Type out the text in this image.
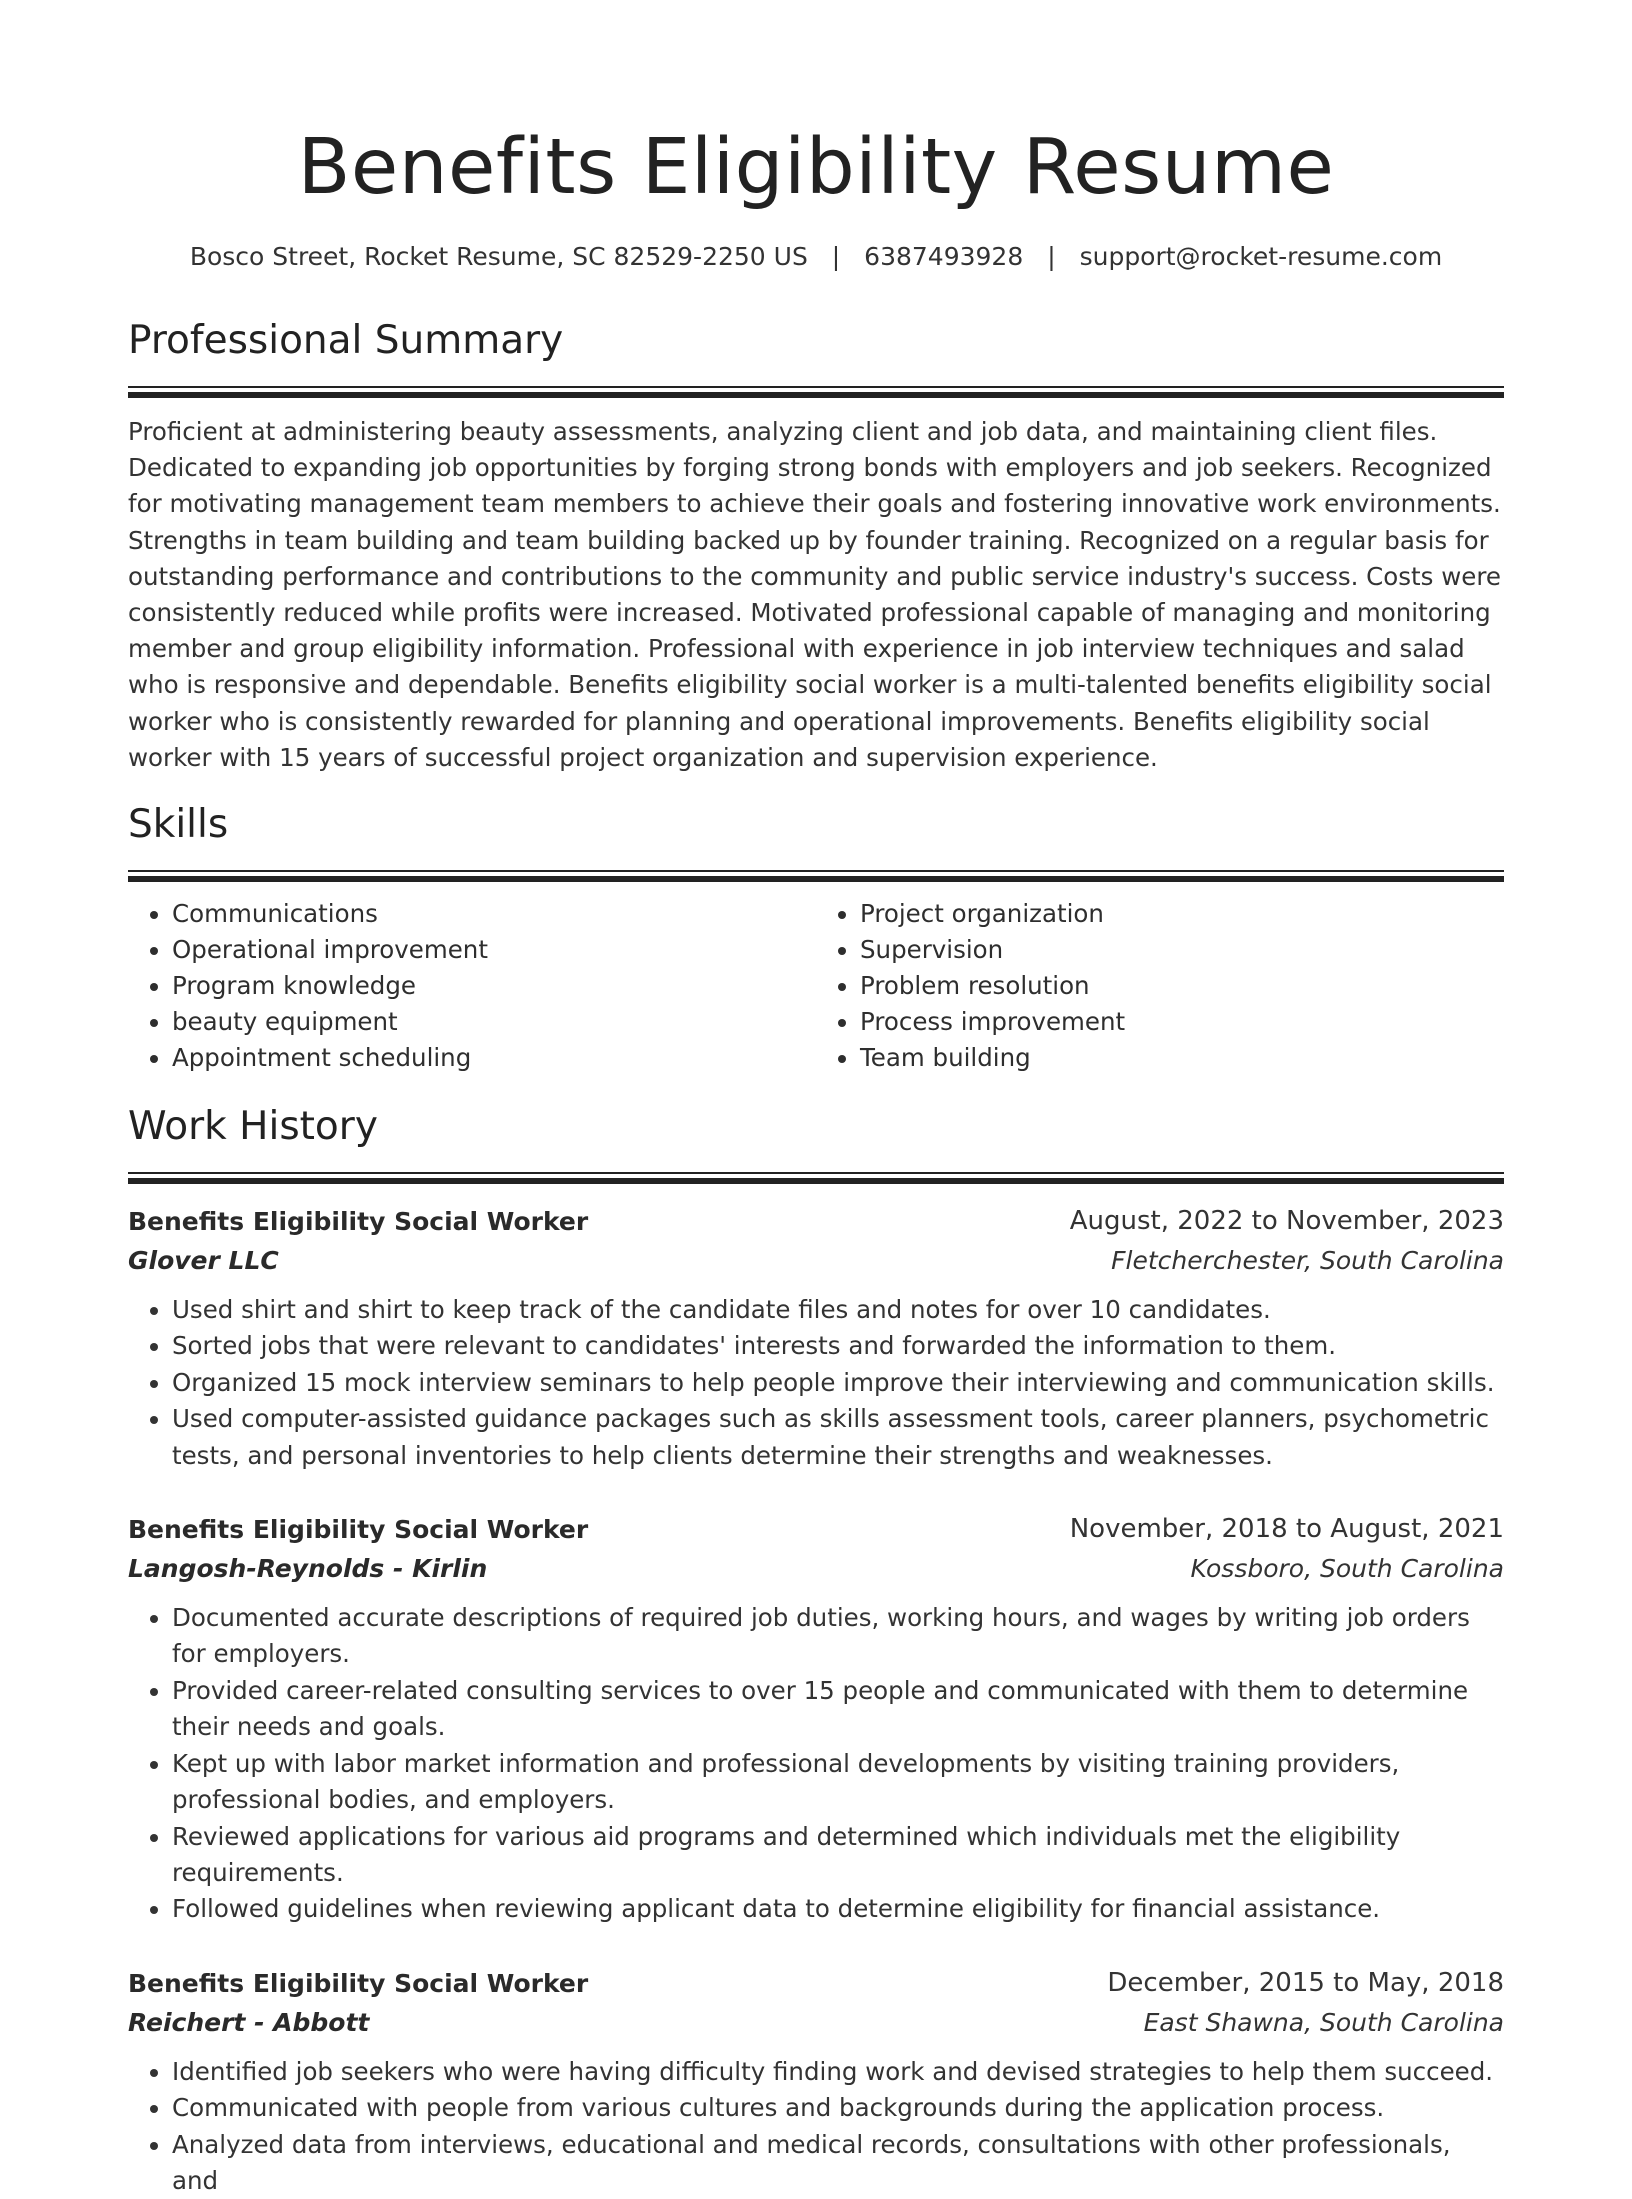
Benefits Eligibility Resume
Bosco Street, Rocket Resume, SC 82529-2250 US | 6387493928 | support@rocket-resume.com
Professional Summary

Proficient at administering beauty assessments, analyzing client and job data, and maintaining client files. Dedicated to expanding job opportunities by forging strong bonds with employers and job seekers. Recognized for motivating management team members to achieve their goals and fostering innovative work environments. Strengths in team building and team building backed up by founder training. Recognized on a regular basis for outstanding performance and contributions to the community and public service industry's success. Costs were consistently reduced while profits were increased. Motivated professional capable of managing and monitoring member and group eligibility information. Professional with experience in job interview techniques and salad who is responsive and dependable. Benefits eligibility social worker is a multi-talented benefits eligibility social worker who is consistently rewarded for planning and operational improvements. Benefits eligibility social worker with 15 years of successful project organization and supervision experience.

Skills
• Communications
• Operational improvement
• Program knowledge
• beauty equipment
• Appointment scheduling
• Project organization
• Supervision
• Problem resolution
• Process improvement
• Team building
Work History
Benefits Eligibility Social Worker	August, 2022 to November, 2023
Glover LLC	Fletcherchester, South Carolina
• Used shirt and shirt to keep track of the candidate files and notes for over 10 candidates.
• Sorted jobs that were relevant to candidates' interests and forwarded the information to them.
• Organized 15 mock interview seminars to help people improve their interviewing and communication skills.
• Used computer-assisted guidance packages such as skills assessment tools, career planners, psychometric tests, and personal inventories to help clients determine their strengths and weaknesses.
Benefits Eligibility Social Worker	November, 2018 to August, 2021
Langosh-Reynolds - Kirlin	Kossboro, South Carolina
• Documented accurate descriptions of required job duties, working hours, and wages by writing job orders for employers.
• Provided career-related consulting services to over 15 people and communicated with them to determine their needs and goals.
• Kept up with labor market information and professional developments by visiting training providers, professional bodies, and employers.
• Reviewed applications for various aid programs and determined which individuals met the eligibility requirements.
• Followed guidelines when reviewing applicant data to determine eligibility for financial assistance.
Benefits Eligibility Social Worker	December, 2015 to May, 2018
Reichert - Abbott	East Shawna, South Carolina
• Identified job seekers who were having difficulty finding work and devised strategies to help them succeed.
• Communicated with people from various cultures and backgrounds during the application process.
• Analyzed data from interviews, educational and medical records, consultations with other professionals, and
